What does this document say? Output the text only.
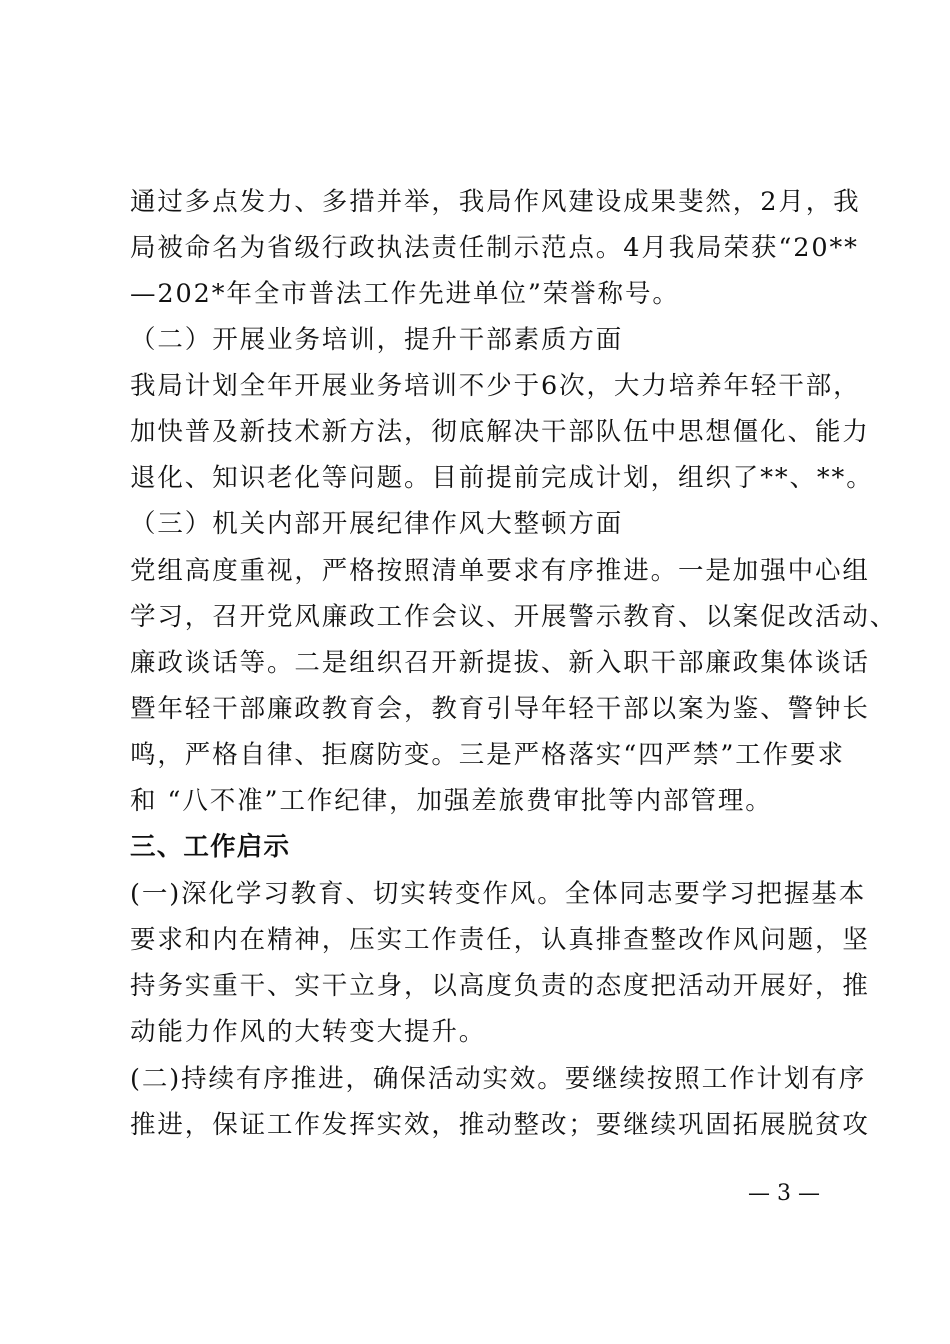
通过多点发力、多措并举，我局作风建设成果斐然，2月，我
局被命名为省级行政执法责任制示范点。4月我局荣获“20**
—202*年全市普法工作先进单位”荣誉称号。
（二）开展业务培训，提升干部素质方面
我局计划全年开展业务培训不少于6次，大力培养年轻干部，
加快普及新技术新方法，彻底解决干部队伍中思想僵化、能力
退化、知识老化等问题。目前提前完成计划，组织了**、**。
（三）机关内部开展纪律作风大整顿方面
党组高度重视，严格按照清单要求有序推进。一是加强中心组
学习，召开党风廉政工作会议、开展警示教育、以案促改活动、
廉政谈话等。二是组织召开新提拔、新入职干部廉政集体谈话
暨年轻干部廉政教育会，教育引导年轻干部以案为鉴、警钟长
鸣，严格自律、拒腐防变。三是严格落实“四严禁”工作要求
和 “八不准”工作纪律，加强差旅费审批等内部管理。
三、工作启示
(一)深化学习教育、切实转变作风。全体同志要学习把握基本
要求和内在精神，压实工作责任，认真排查整改作风问题，坚
持务实重干、实干立身，以高度负责的态度把活动开展好，推
动能力作风的大转变大提升。
(二)持续有序推进，确保活动实效。要继续按照工作计划有序
推进，保证工作发挥实效，推动整改；要继续巩固拓展脱贫攻
— 3 —
